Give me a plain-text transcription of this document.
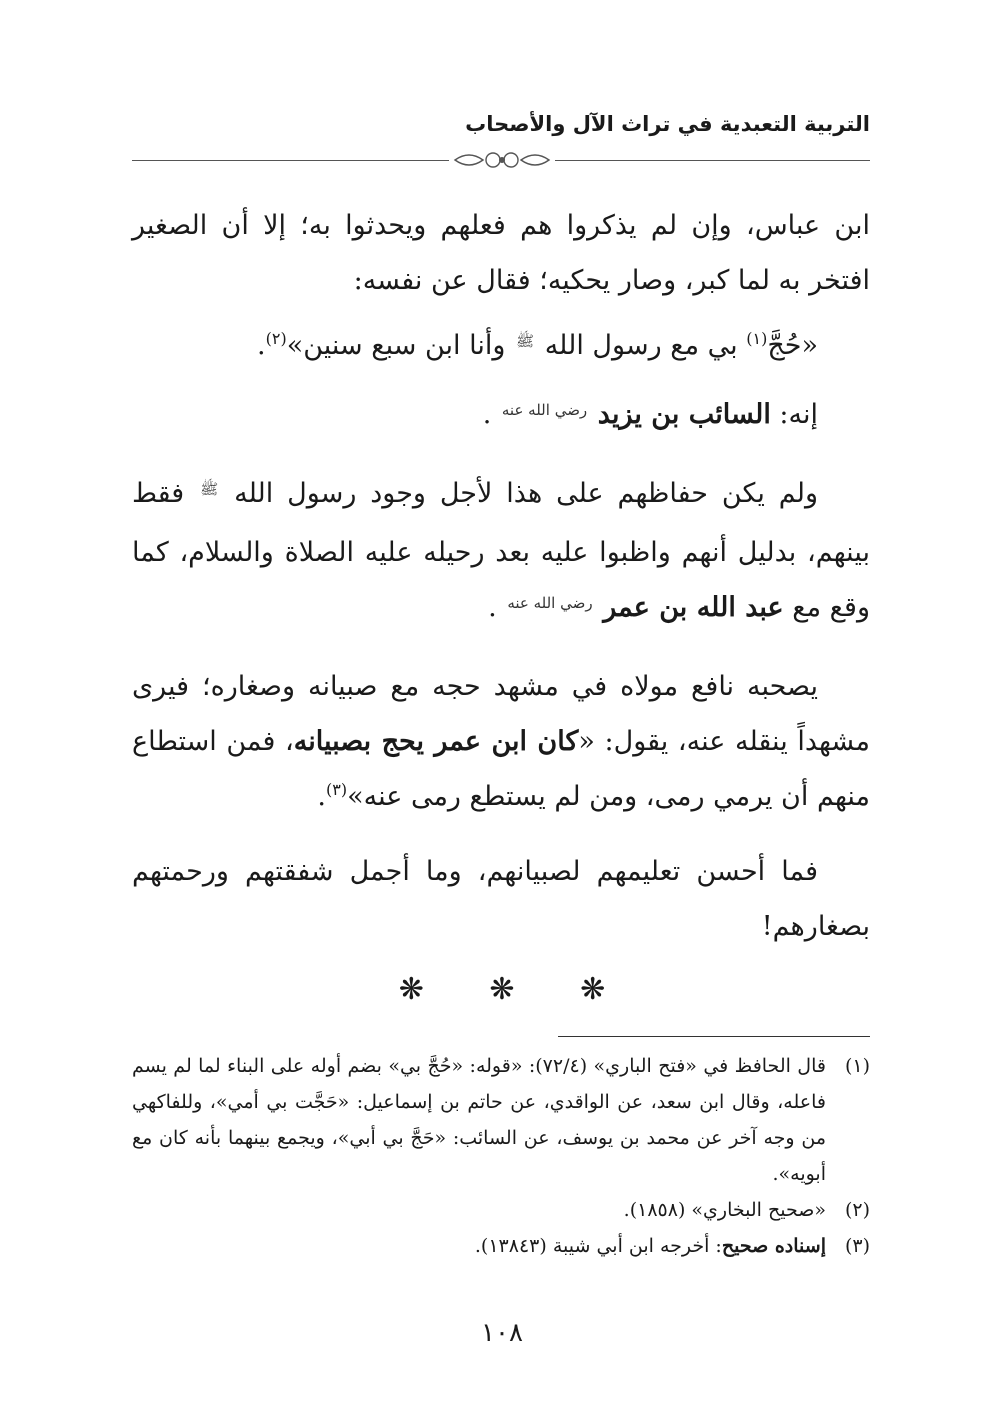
التربية التعبدية في تراث الآل والأصحاب

ابن عباس، وإن لم يذكروا هم فعلهم ويحدثوا به؛ إلا أن الصغير افتخر به لما كبر، وصار يحكيه؛ فقال عن نفسه:

«حُجَّ$^{(١)}$ بي مع رسول الله $^ﷺ$ وأنا ابن سبع سنين»$^{(٢)}$.

إنه: السائب بن يزيد $^{رضي الله عنه}$ .

ولم يكن حفاظهم على هذا لأجل وجود رسول الله $^ﷺ$ فقط بينهم، بدليل أنهم واظبوا عليه بعد رحيله عليه الصلاة والسلام، كما وقع مع عبد الله بن عمر $^{رضي الله عنه}$ .

يصحبه نافع مولاه في مشهد حجه مع صبيانه وصغاره؛ فيرى مشهداً ينقله عنه، يقول: «كان ابن عمر يحج بصبيانه، فمن استطاع منهم أن يرمي رمى، ومن لم يستطع رمى عنه»$^{(٣)}$.

فما أحسن تعليمهم لصبيانهم، وما أجمل شفقتهم ورحمتهم بصغارهم!

❋ ❋ ❋
(١)
قال الحافظ في «فتح الباري» (٧٢/٤): «قوله: «حُجَّ بي» بضم أوله على البناء لما لم يسم فاعله، وقال ابن سعد، عن الواقدي، عن حاتم بن إسماعيل: «حَجَّت بي أمي»، وللفاكهي من وجه آخر عن محمد بن يوسف، عن السائب: «حَجَّ بي أبي»، ويجمع بينهما بأنه كان مع أبويه».
(٢)
«صحيح البخاري» (١٨٥٨).
(٣)
إسناده صحيح: أخرجه ابن أبي شيبة (١٣٨٤٣).
١٠٨
